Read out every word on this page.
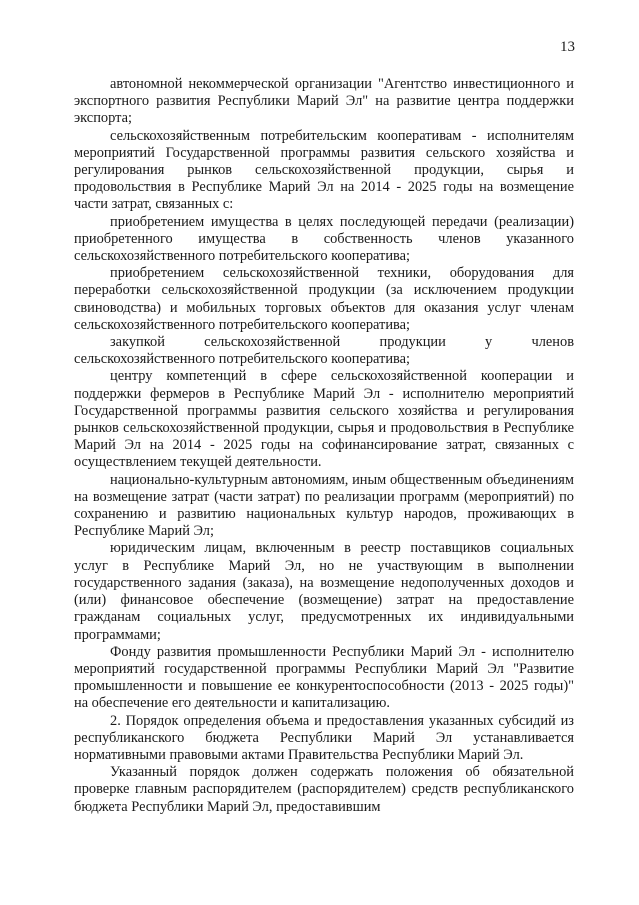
13

автономной некоммерческой организации "Агентство инвестиционного и экспортного развития Республики Марий Эл" на развитие центра поддержки экспорта;

сельскохозяйственным потребительским кооперативам - исполнителям мероприятий Государственной программы развития сельского хозяйства и регулирования рынков сельскохозяйственной продукции, сырья и продовольствия в Республике Марий Эл на 2014 - 2025 годы на возмещение части затрат, связанных с:

приобретением имущества в целях последующей передачи (реализации) приобретенного имущества в собственность членов указанного сельскохозяйственного потребительского кооператива;

приобретением сельскохозяйственной техники, оборудования для переработки сельскохозяйственной продукции (за исключением продукции свиноводства) и мобильных торговых объектов для оказания услуг членам сельскохозяйственного потребительского кооператива;

закупкой сельскохозяйственной продукции у членов сельскохозяйственного потребительского кооператива;

центру компетенций в сфере сельскохозяйственной кооперации и поддержки фермеров в Республике Марий Эл - исполнителю мероприятий Государственной программы развития сельского хозяйства и регулирования рынков сельскохозяйственной продукции, сырья и продовольствия в Республике Марий Эл на 2014 - 2025 годы на софинансирование затрат, связанных с осуществлением текущей деятельности.

национально-культурным автономиям, иным общественным объединениям на возмещение затрат (части затрат) по реализации программ (мероприятий) по сохранению и развитию национальных культур народов, проживающих в Республике Марий Эл;

юридическим лицам, включенным в реестр поставщиков социальных услуг в Республике Марий Эл, но не участвующим в выполнении государственного задания (заказа), на возмещение недополученных доходов и (или) финансовое обеспечение (возмещение) затрат на предоставление гражданам социальных услуг, предусмотренных их индивидуальными программами;

Фонду развития промышленности Республики Марий Эл - исполнителю мероприятий государственной программы Республики Марий Эл "Развитие промышленности и повышение ее конкурентоспособности (2013 - 2025 годы)" на обеспечение его деятельности и капитализацию.

2. Порядок определения объема и предоставления указанных субсидий из республиканского бюджета Республики Марий Эл устанавливается нормативными правовыми актами Правительства Республики Марий Эл.

Указанный порядок должен содержать положения об обязательной проверке главным распорядителем (распорядителем) средств республиканского бюджета Республики Марий Эл, предоставившим
